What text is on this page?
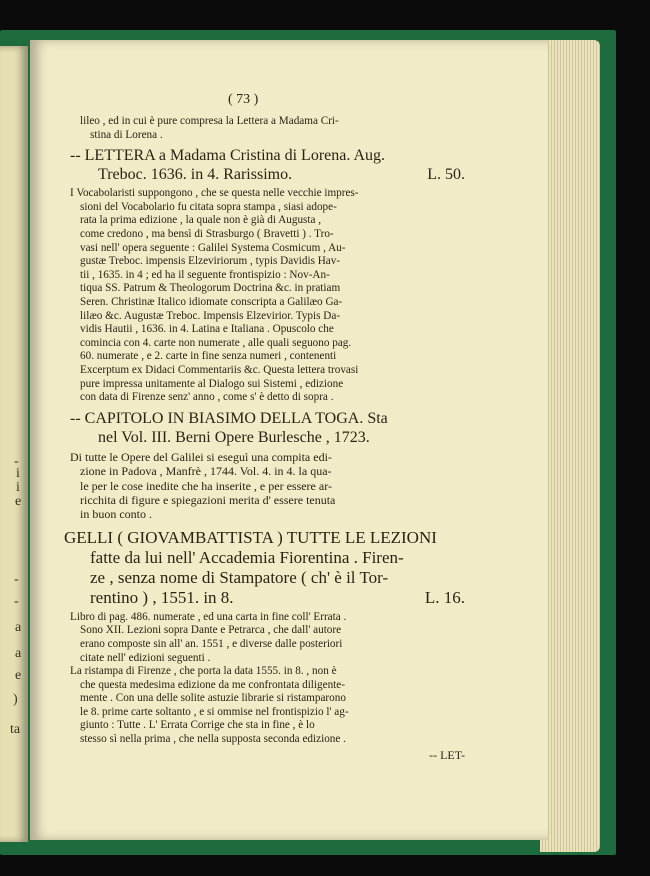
-
i
i
e
-
-
a
a
e
)
ta
( 73 )

lileo , ed in cui è pure compresa la Lettera a Madama Cri-

stina di Lorena .

-- LETTERA a Madama Cristina di Lorena. Aug.

Treboc. 1636. in 4. Rarissimo.	L. 50.

I Vocabolaristi suppongono , che se questa nelle vecchie impres-

sioni del Vocabolario fu citata sopra stampa , siasi adope-

rata la prima edizione , la quale non è già di Augusta ,

come credono , ma bensì di Strasburgo ( Bravetti ) . Tro-

vasi nell' opera seguente : Galilei Systema Cosmicum , Au-

gustæ Treboc. impensis Elzeviriorum , typis Davidis Hav-

tii , 1635. in 4 ; ed ha il seguente frontispizio : Nov-An-

tiqua SS. Patrum & Theologorum Doctrina &c. in pratiam

Seren. Christinæ Italico idiomate conscripta a Galilæo Ga-

lilæo &c. Augustæ Treboc. Impensis Elzevirior. Typis Da-

vidis Hautii , 1636. in 4. Latina e Italiana . Opuscolo che

comincia con 4. carte non numerate , alle quali seguono pag.

60. numerate , e 2. carte in fine senza numeri , contenenti

Excerptum ex Didaci Commentariis &c. Questa lettera trovasi

pure impressa unitamente al Dialogo sui Sistemi , edizione

con data di Firenze senz' anno , come s' è detto di sopra .

-- CAPITOLO IN BIASIMO DELLA TOGA. Sta

nel Vol. III. Berni Opere Burlesche , 1723.

Di tutte le Opere del Galilei si eseguì una compita edi-

zione in Padova , Manfrè , 1744. Vol. 4. in 4. la qua-

le per le cose inedite che ha inserite , e per essere ar-

ricchita di figure e spiegazioni merita d' essere tenuta

in buon conto .

GELLI ( GIOVAMBATTISTA ) TUTTE LE LEZIONI

fatte da lui nell' Accademia Fiorentina . Firen-

ze , senza nome di Stampatore ( ch' è il Tor-

rentino ) , 1551. in 8.	L. 16.

Libro di pag. 486. numerate , ed una carta in fine coll' Errata .

Sono XII. Lezioni sopra Dante e Petrarca , che dall' autore

erano composte sin all' an. 1551 , e diverse dalle posteriori

citate nell' edizioni seguenti .

La ristampa di Firenze , che porta la data 1555. in 8. , non è

che questa medesima edizione da me confrontata diligente-

mente . Con una delle solite astuzie librarie si ristamparono

le 8. prime carte soltanto , e si ommise nel frontispizio l' ag-

giunto : Tutte . L' Errata Corrige che sta in fine , è lo

stesso sì nella prima , che nella supposta seconda edizione .

-- LET-
